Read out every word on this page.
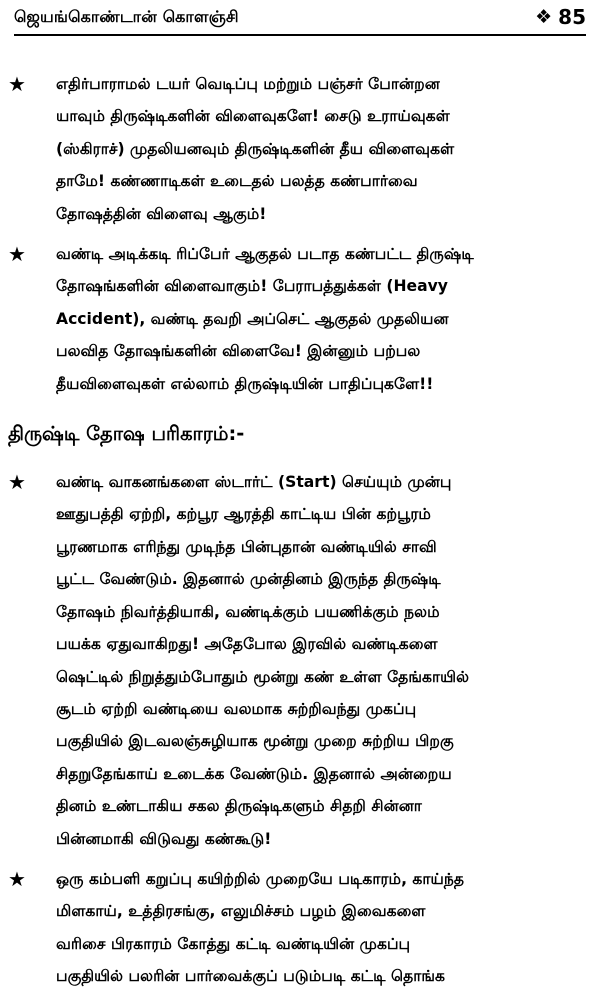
ஜெயங்கொண்டான் கொளஞ்சி	❖ 85
★ எதிர்பாராமல் டயர் வெடிப்பு மற்றும் பஞ்சர் போன்றன
யாவும் திருஷ்டிகளின் விளைவுகளே! சைடு உராய்வுகள்
(ஸ்கிராச்) முதலியனவும் திருஷ்டிகளின் தீய விளைவுகள்
தாமே! கண்ணாடிகள் உடைதல் பலத்த கண்பார்வை
தோஷத்தின் விளைவு ஆகும்!
★ வண்டி அடிக்கடி ரிப்பேர் ஆகுதல் படாத கண்பட்ட திருஷ்டி
தோஷங்களின் விளைவாகும்! பேராபத்துக்கள் (Heavy
Accident), வண்டி தவறி அப்செட் ஆகுதல் முதலியன
பலவித தோஷங்களின் விளைவே! இன்னும் பற்பல
தீயவிளைவுகள் எல்லாம் திருஷ்டியின் பாதிப்புகளே!!
திருஷ்டி தோஷ பரிகாரம்:-
★ வண்டி வாகனங்களை ஸ்டார்ட் (Start) செய்யும் முன்பு
ஊதுபத்தி ஏற்றி, கற்பூர ஆரத்தி காட்டிய பின் கற்பூரம்
பூரணமாக எரிந்து முடிந்த பின்புதான் வண்டியில் சாவி
பூட்ட வேண்டும். இதனால் முன்தினம் இருந்த திருஷ்டி
தோஷம் நிவர்த்தியாகி, வண்டிக்கும் பயணிக்கும் நலம்
பயக்க ஏதுவாகிறது! அதேபோல இரவில் வண்டிகளை
ஷெட்டில் நிறுத்தும்போதும் மூன்று கண் உள்ள தேங்காயில்
சூடம் ஏற்றி வண்டியை வலமாக சுற்றிவந்து முகப்பு
பகுதியில் இடவலஞ்சுழியாக மூன்று முறை சுற்றிய பிறகு
சிதறுதேங்காய் உடைக்க வேண்டும். இதனால் அன்றைய
தினம் உண்டாகிய சகல திருஷ்டிகளும் சிதறி சின்னா
பின்னமாகி விடுவது கண்கூடு!
★ ஒரு கம்பளி கறுப்பு கயிற்றில் முறையே படிகாரம், காய்ந்த
மிளகாய், உத்திரசங்கு, எலுமிச்சம் பழம் இவைகளை
வரிசை பிரகாரம் கோத்து கட்டி வண்டியின் முகப்பு
பகுதியில் பலரின் பார்வைக்குப் படும்படி கட்டி தொங்க
